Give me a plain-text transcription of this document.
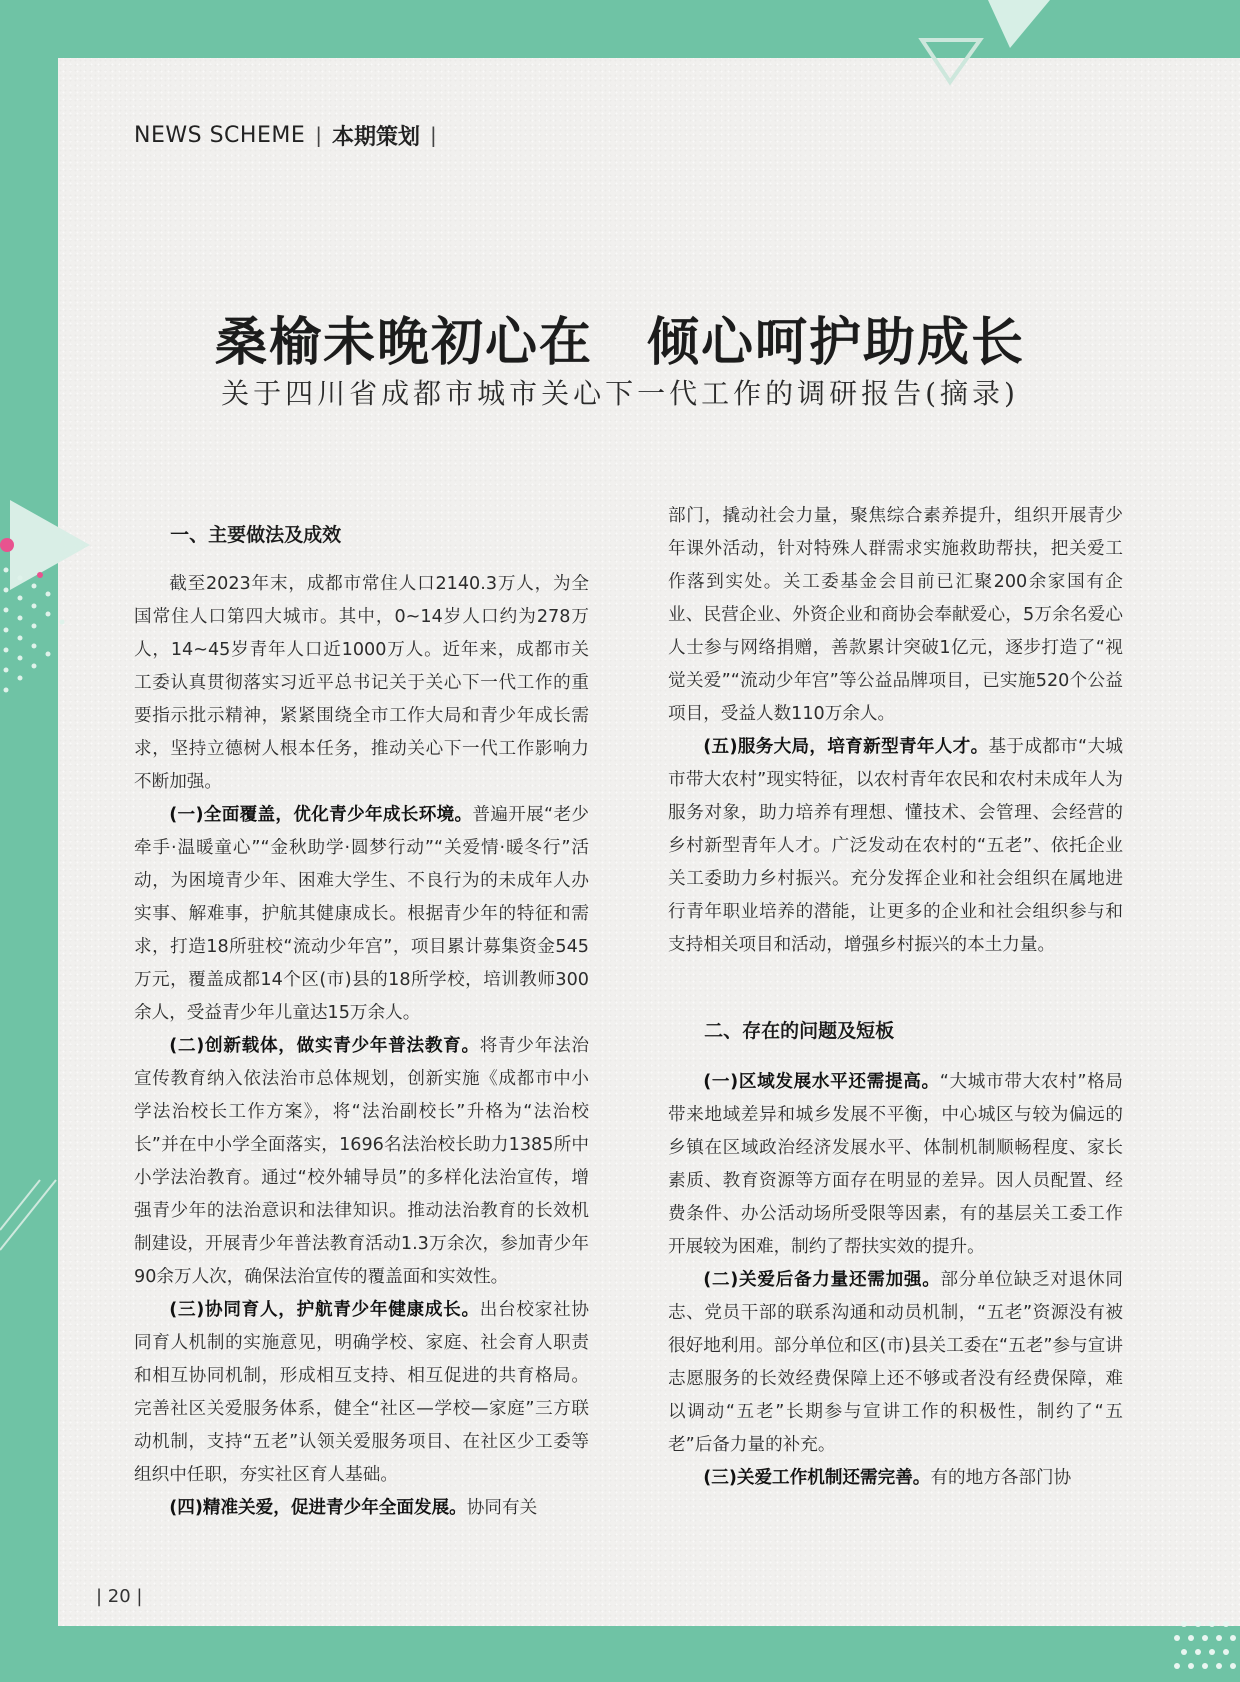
NEWS SCHEME | 本期策划 |
桑榆未晚初心在　倾心呵护助成长
关于四川省成都市城市关心下一代工作的调研报告(摘录)
一、主要做法及成效

截至2023年末，成都市常住人口2140.3万人，为全国常住人口第四大城市。其中，0~14岁人口约为278万人，14~45岁青年人口近1000万人。近年来，成都市关工委认真贯彻落实习近平总书记关于关心下一代工作的重要指示批示精神，紧紧围绕全市工作大局和青少年成长需求，坚持立德树人根本任务，推动关心下一代工作影响力不断加强。

(一)全面覆盖，优化青少年成长环境。普遍开展“老少牵手·温暖童心”“金秋助学·圆梦行动”“关爱情·暖冬行”活动，为困境青少年、困难大学生、不良行为的未成年人办实事、解难事，护航其健康成长。根据青少年的特征和需求，打造18所驻校“流动少年宫”，项目累计募集资金545万元，覆盖成都14个区(市)县的18所学校，培训教师300余人，受益青少年儿童达15万余人。

(二)创新载体，做实青少年普法教育。将青少年法治宣传教育纳入依法治市总体规划，创新实施《成都市中小学法治校长工作方案》，将“法治副校长”升格为“法治校长”并在中小学全面落实，1696名法治校长助力1385所中小学法治教育。通过“校外辅导员”的多样化法治宣传，增强青少年的法治意识和法律知识。推动法治教育的长效机制建设，开展青少年普法教育活动1.3万余次，参加青少年90余万人次，确保法治宣传的覆盖面和实效性。

(三)协同育人，护航青少年健康成长。出台校家社协同育人机制的实施意见，明确学校、家庭、社会育人职责和相互协同机制，形成相互支持、相互促进的共育格局。完善社区关爱服务体系，健全“社区—学校—家庭”三方联动机制，支持“五老”认领关爱服务项目、在社区少工委等组织中任职，夯实社区育人基础。

(四)精准关爱，促进青少年全面发展。协同有关

部门，撬动社会力量，聚焦综合素养提升，组织开展青少年课外活动，针对特殊人群需求实施救助帮扶，把关爱工作落到实处。关工委基金会目前已汇聚200余家国有企业、民营企业、外资企业和商协会奉献爱心，5万余名爱心人士参与网络捐赠，善款累计突破1亿元，逐步打造了“视觉关爱”“流动少年宫”等公益品牌项目，已实施520个公益项目，受益人数110万余人。

(五)服务大局，培育新型青年人才。基于成都市“大城市带大农村”现实特征，以农村青年农民和农村未成年人为服务对象，助力培养有理想、懂技术、会管理、会经营的乡村新型青年人才。广泛发动在农村的“五老”、依托企业关工委助力乡村振兴。充分发挥企业和社会组织在属地进行青年职业培养的潜能，让更多的企业和社会组织参与和支持相关项目和活动，增强乡村振兴的本土力量。

二、存在的问题及短板

(一)区域发展水平还需提高。“大城市带大农村”格局带来地域差异和城乡发展不平衡，中心城区与较为偏远的乡镇在区域政治经济发展水平、体制机制顺畅程度、家长素质、教育资源等方面存在明显的差异。因人员配置、经费条件、办公活动场所受限等因素，有的基层关工委工作开展较为困难，制约了帮扶实效的提升。

(二)关爱后备力量还需加强。部分单位缺乏对退休同志、党员干部的联系沟通和动员机制，“五老”资源没有被很好地利用。部分单位和区(市)县关工委在“五老”参与宣讲志愿服务的长效经费保障上还不够或者没有经费保障，难以调动“五老”长期参与宣讲工作的积极性，制约了“五老”后备力量的补充。

(三)关爱工作机制还需完善。有的地方各部门协

| 20 |
